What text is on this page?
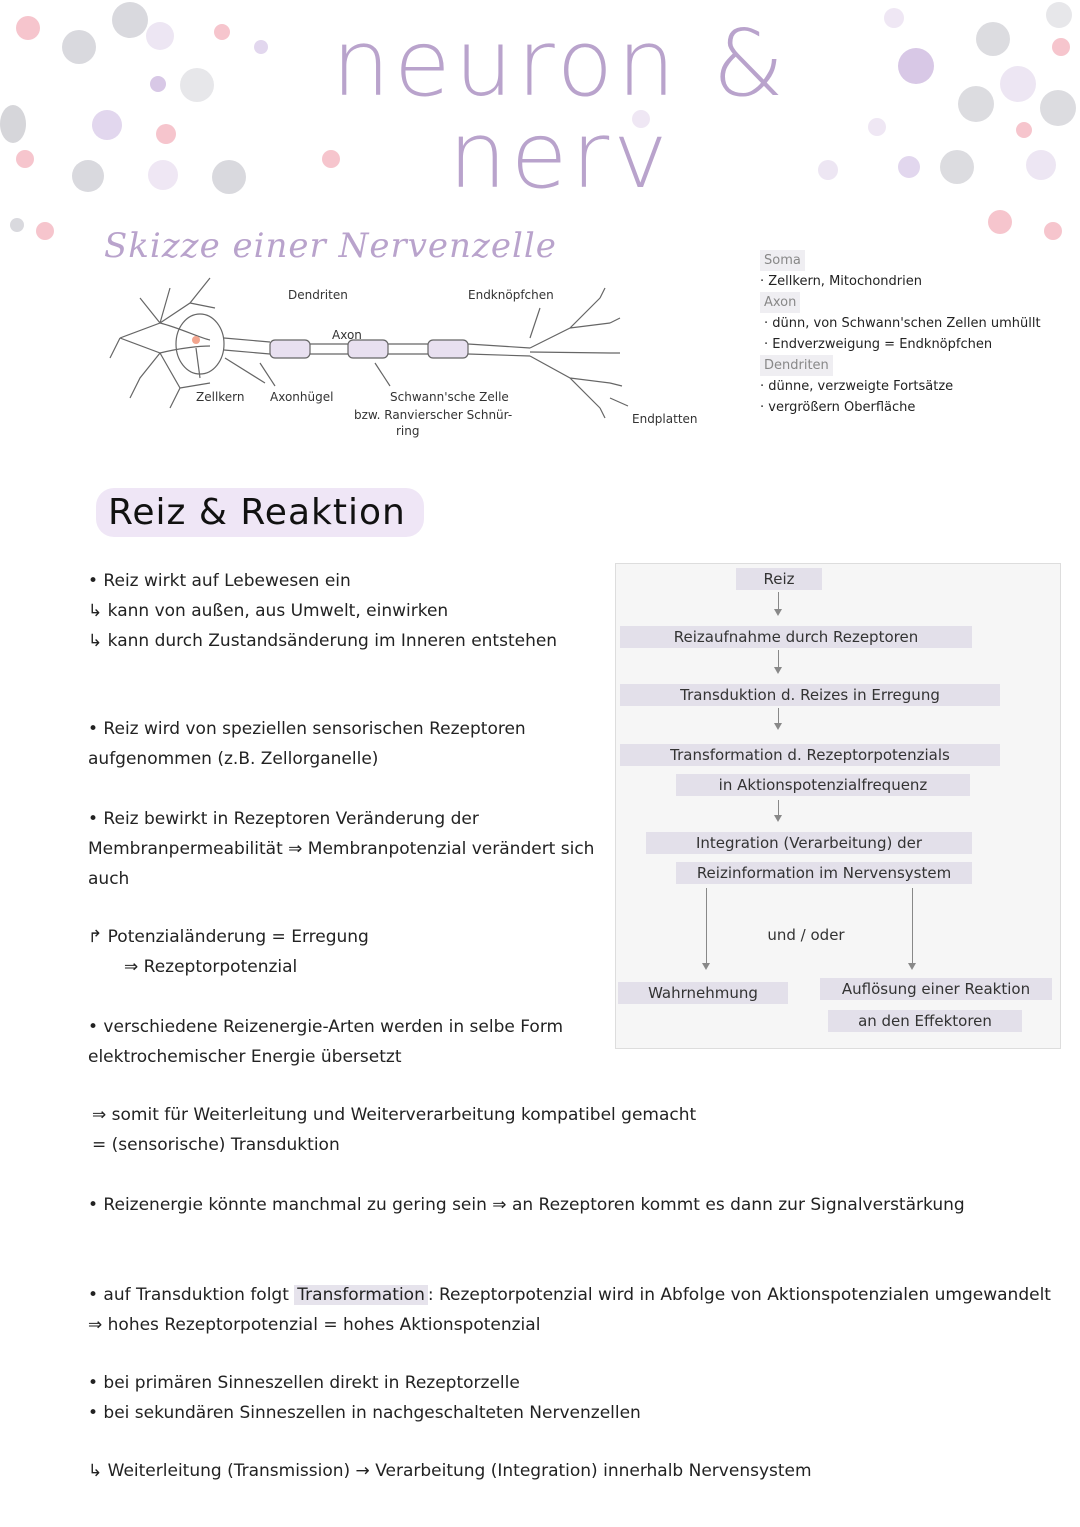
neuron & nerv
Skizze einer Nervenzelle
Dendriten
Axon
Endknöpfchen
Zellkern Axonhügel	Schwann'sche Zelle
bzw. Ranvierscher Schnür-
ring
Endplatten
Soma
· Zellkern, Mitochondrien
Axon
· dünn, von Schwann'schen Zellen umhüllt
· Endverzweigung = Endknöpfchen
Dendriten
· dünne, verzweigte Fortsätze
· vergrößern Oberfläche
Reiz & Reaktion
• Reiz wirkt auf Lebewesen ein
↳ kann von außen, aus Umwelt, einwirken
↳ kann durch Zustandsänderung im Inneren entstehen
• Reiz wird von speziellen sensorischen Rezeptoren aufgenommen (z.B. Zellorganelle)
• Reiz bewirkt in Rezeptoren Veränderung der Membranpermeabilität ⇒ Membranpotenzial verändert sich auch
↱ Potenzialänderung = Erregung
⇒ Rezeptorpotenzial
• verschiedene Reizenergie-Arten werden in selbe Form elektrochemischer Energie übersetzt
⇒ somit für Weiterleitung und Weiterverarbeitung kompatibel gemacht
= (sensorische) Transduktion
• Reizenergie könnte manchmal zu gering sein ⇒ an Rezeptoren kommt es dann zur Signalverstärkung
• auf Transduktion folgt Transformation : Rezeptorpotenzial wird in Abfolge von Aktionspotenzialen umgewandelt ⇒ hohes Rezeptorpotenzial = hohes Aktionspotenzial
• bei primären Sinneszellen direkt in Rezeptorzelle
• bei sekundären Sinneszellen in nachgeschalteten Nervenzellen
↳ Weiterleitung (Transmission) → Verarbeitung (Integration) innerhalb Nervensystem
Reiz
Reizaufnahme durch Rezeptoren
Transduktion d. Reizes in Erregung
Transformation d. Rezeptorpotenzials
in Aktionspotenzialfrequenz
Integration (Verarbeitung) der
Reizinformation im Nervensystem
und / oder
Wahrnehmung	Auflösung einer Reaktion
an den Effektoren
